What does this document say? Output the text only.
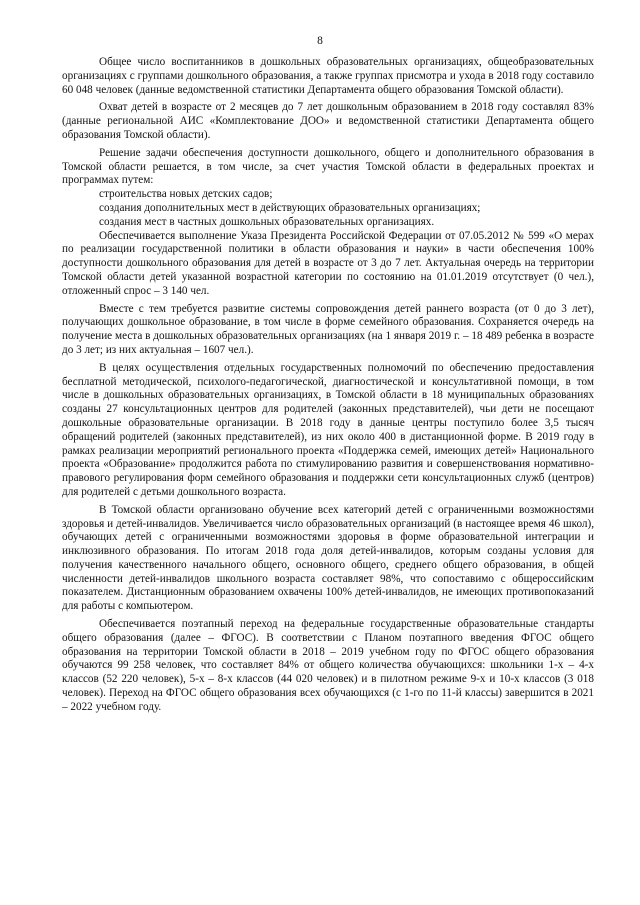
8

Общее число воспитанников в дошкольных образовательных организациях, общеобразовательных организациях с группами дошкольного образования, а также группах присмотра и ухода в 2018 году составило 60 048 человек (данные ведомственной статистики Департамента общего образования Томской области).

Охват детей в возрасте от 2 месяцев до 7 лет дошкольным образованием в 2018 году составлял 83% (данные региональной АИС «Комплектование ДОО» и ведомственной статистики Департамента общего образования Томской области).

Решение задачи обеспечения доступности дошкольного, общего и дополнительного образования в Томской области решается, в том числе, за счет участия Томской области в федеральных проектах и программах путем:

строительства новых детских садов;

создания дополнительных мест в действующих образовательных организациях;

создания мест в частных дошкольных образовательных организациях.

Обеспечивается выполнение Указа Президента Российской Федерации от 07.05.2012 № 599 «О мерах по реализации государственной политики в области образования и науки» в части обеспечения 100% доступности дошкольного образования для детей в возрасте от 3 до 7 лет. Актуальная очередь на территории Томской области детей указанной возрастной категории по состоянию на 01.01.2019 отсутствует (0 чел.), отложенный спрос – 3 140 чел.

Вместе с тем требуется развитие системы сопровождения детей раннего возраста (от 0 до 3 лет), получающих дошкольное образование, в том числе в форме семейного образования. Сохраняется очередь на получение места в дошкольных образовательных организациях (на 1 января 2019 г. – 18 489 ребенка в возрасте до 3 лет; из них актуальная – 1607 чел.).

В целях осуществления отдельных государственных полномочий по обеспечению предоставления бесплатной методической, психолого-педагогической, диагностической и консультативной помощи, в том числе в дошкольных образовательных организациях, в Томской области в 18 муниципальных образованиях созданы 27 консультационных центров для родителей (законных представителей), чьи дети не посещают дошкольные образовательные организации. В 2018 году в данные центры поступило более 3,5 тысяч обращений родителей (законных представителей), из них около 400 в дистанционной форме. В 2019 году в рамках реализации мероприятий регионального проекта «Поддержка семей, имеющих детей» Национального проекта «Образование» продолжится работа по стимулированию развития и совершенствования нормативно-правового регулирования форм семейного образования и поддержки сети консультационных служб (центров) для родителей с детьми дошкольного возраста.

В Томской области организовано обучение всех категорий детей с ограниченными возможностями здоровья и детей-инвалидов. Увеличивается число образовательных организаций (в настоящее время 46 школ), обучающих детей с ограниченными возможностями здоровья в форме образовательной интеграции и инклюзивного образования. По итогам 2018 года доля детей-инвалидов, которым созданы условия для получения качественного начального общего, основного общего, среднего общего образования, в общей численности детей-инвалидов школьного возраста составляет 98%, что сопоставимо с общероссийским показателем. Дистанционным образованием охвачены 100% детей-инвалидов, не имеющих противопоказаний для работы с компьютером.

Обеспечивается поэтапный переход на федеральные государственные образовательные стандарты общего образования (далее – ФГОС). В соответствии с Планом поэтапного введения ФГОС общего образования на территории Томской области в 2018 – 2019 учебном году по ФГОС общего образования обучаются 99 258 человек, что составляет 84% от общего количества обучающихся: школьники 1-х – 4-х классов (52 220 человек), 5-х – 8-х классов (44 020 человек) и в пилотном режиме 9-х и 10-х классов (3 018 человек). Переход на ФГОС общего образования всех обучающихся (с 1-го по 11-й классы) завершится в 2021 – 2022 учебном году.
